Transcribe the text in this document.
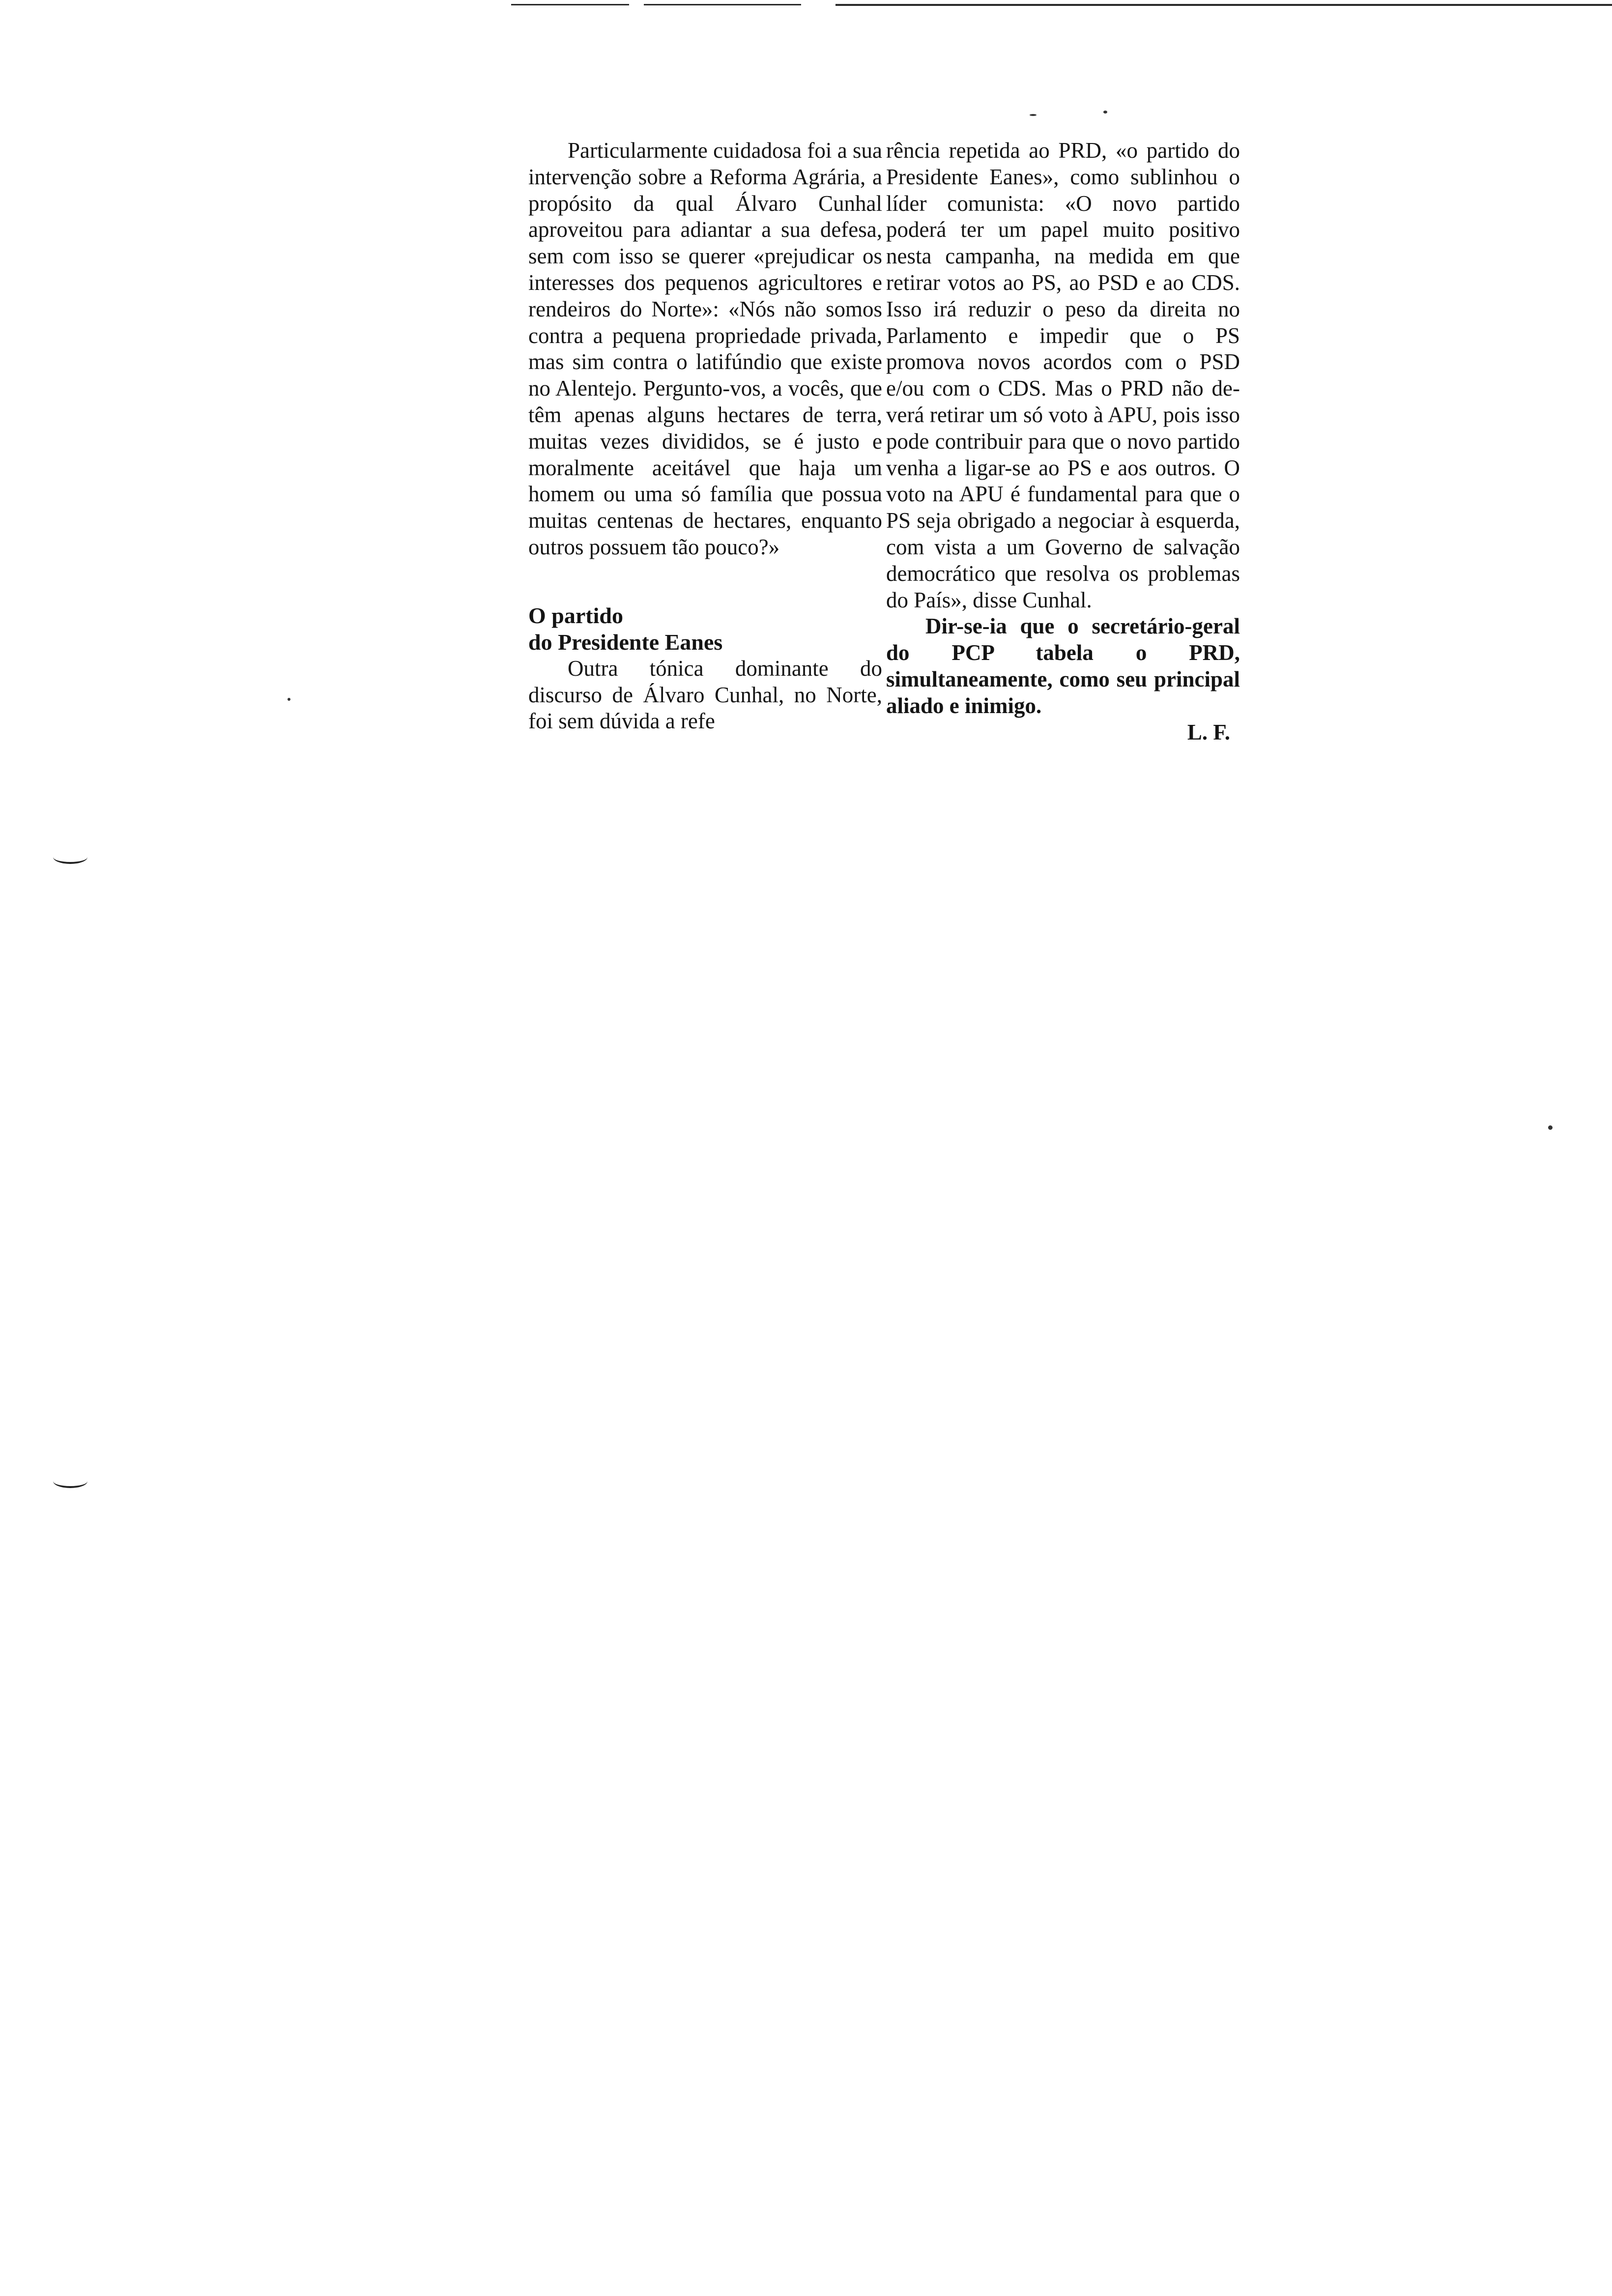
Particularmente cuidadosa foi a sua intervenção sobre a Reforma Agrária, a propósito da qual Álvaro Cunhal aproveitou para adiantar a sua defesa, sem com isso se querer «prejudicar os interesses dos pequenos agricultores e rendeiros do Norte»: «Nós não somos contra a pequena propriedade privada, mas sim contra o latifúndio que existe no Alentejo. Pergunto-vos, a vocês, que têm apenas alguns hectares de terra, muitas vezes divididos, se é justo e moralmente aceitável que haja um homem ou uma só família que possua muitas centenas de hectares, enquanto outros possuem tão pouco?»

O partido
do Presidente Eanes

Outra tónica dominante do discurso de Álvaro Cunhal, no Norte, foi sem dúvida a refe

rência repetida ao PRD, «o partido do Presidente Eanes», como sublinhou o líder comunista: «O novo partido poderá ter um papel muito positivo nesta campanha, na medida em que retirar votos ao PS, ao PSD e ao CDS. Isso irá reduzir o peso da direita no Parlamento e impedir que o PS promova novos acordos com o PSD e/ou com o CDS. Mas o PRD não deverá retirar um só voto à APU, pois isso pode contribuir para que o novo partido venha a ligar-se ao PS e aos outros. O voto na APU é fundamental para que o PS seja obrigado a negociar à esquerda, com vista a um Governo de salvação democrático que resolva os problemas do País», disse Cunhal.

Dir-se-ia que o secretário-geral do PCP tabela o PRD, simultaneamente, como seu principal aliado e inimigo.

L. F.
